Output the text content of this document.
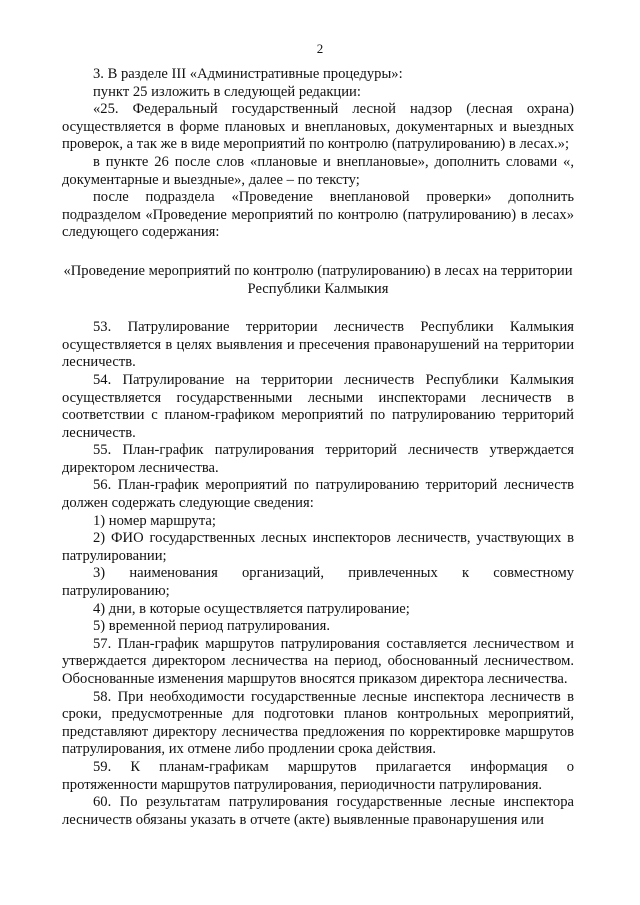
2

3. В разделе III «Административные процедуры»:

пункт 25 изложить в следующей редакции:

«25. Федеральный государственный лесной надзор (лесная охрана) осуществляется в форме плановых и внеплановых, документарных и выездных проверок, а так же в виде мероприятий по контролю (патрулированию) в лесах.»;

в пункте 26 после слов «плановые и внеплановые», дополнить словами «, документарные и выездные», далее – по тексту;

после подраздела «Проведение внеплановой проверки» дополнить подразделом «Проведение мероприятий по контролю (патрулированию) в лесах» следующего содержания:

«Проведение мероприятий по контролю (патрулированию) в лесах на территории Республики Калмыкия

53. Патрулирование территории лесничеств Республики Калмыкия осуществляется в целях выявления и пресечения правонарушений на территории лесничеств.

54. Патрулирование на территории лесничеств Республики Калмыкия осуществляется государственными лесными инспекторами лесничеств в соответствии с планом-графиком мероприятий по патрулированию территорий лесничеств.

55. План-график патрулирования территорий лесничеств утверждается директором лесничества.

56. План-график мероприятий по патрулированию территорий лесничеств должен содержать следующие сведения:

1) номер маршрута;

2) ФИО государственных лесных инспекторов лесничеств, участвующих в патрулировании;

3) наименования организаций, привлеченных к совместному патрулированию;

4) дни, в которые осуществляется патрулирование;

5) временной период патрулирования.

57. План-график маршрутов патрулирования составляется лесничеством и утверждается директором лесничества на период, обоснованный лесничеством. Обоснованные изменения маршрутов вносятся приказом директора лесничества.

58. При необходимости государственные лесные инспектора лесничеств в сроки, предусмотренные для подготовки планов контрольных мероприятий, представляют директору лесничества предложения по корректировке маршрутов патрулирования, их отмене либо продлении срока действия.

59. К планам-графикам маршрутов прилагается информация о протяженности маршрутов патрулирования, периодичности патрулирования.

60. По результатам патрулирования государственные лесные инспектора лесничеств обязаны указать в отчете (акте) выявленные правонарушения или
